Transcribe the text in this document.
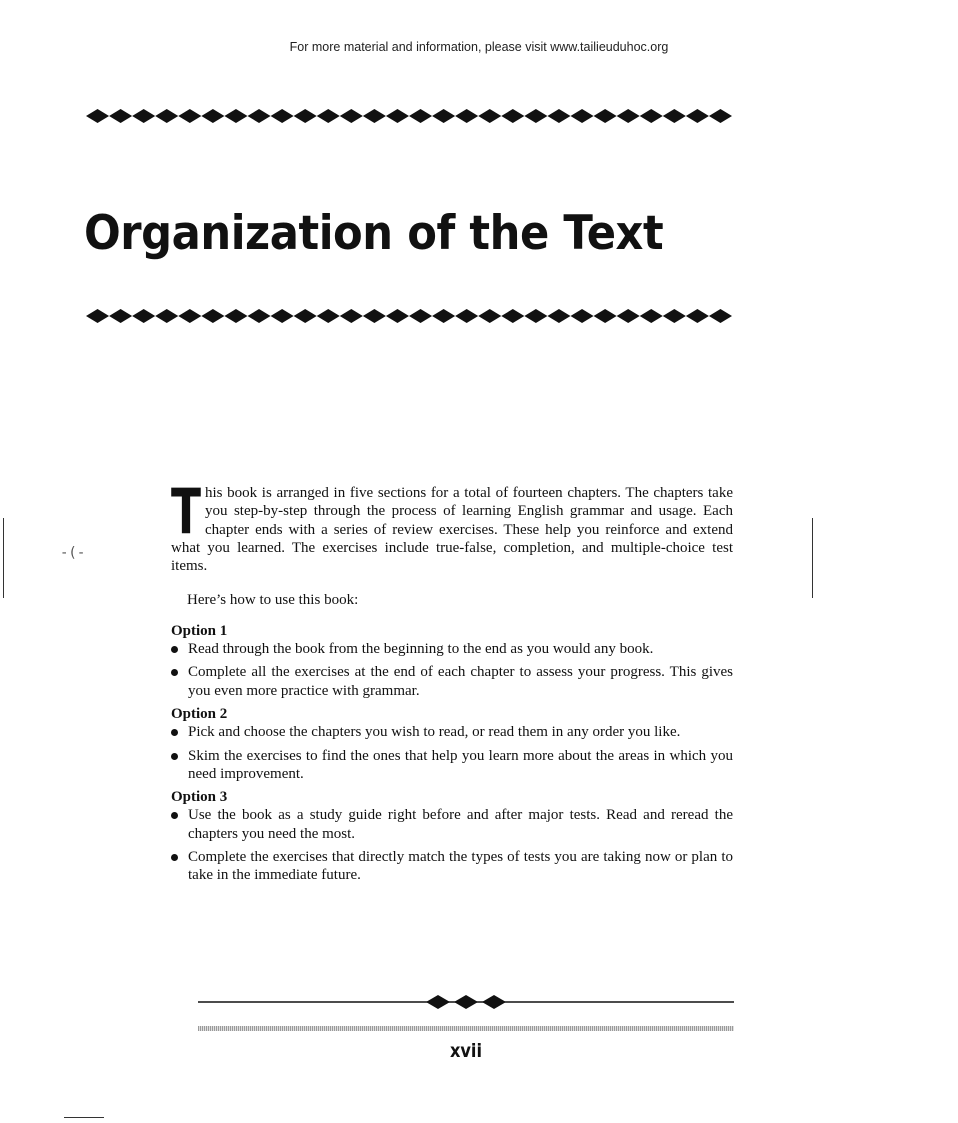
For more material and information, please visit www.tailieuduhoc.org
Organization of the Text
-(-

T his book is arranged in five sections for a total of fourteen chapters. The chapters take you step-by-step through the process of learning English grammar and usage. Each chapter ends with a series of review exercises. These help you reinforce and extend what you learned. The exercises include true-false, completion, and multiple-choice test items.

Here’s how to use this book:

Option 1
Read through the book from the beginning to the end as you would any book.
Complete all the exercises at the end of each chapter to assess your progress. This gives you even more practice with grammar.
Option 2
Pick and choose the chapters you wish to read, or read them in any order you like.
Skim the exercises to find the ones that help you learn more about the areas in which you need improvement.
Option 3
Use the book as a study guide right before and after major tests. Read and reread the chapters you need the most.
Complete the exercises that directly match the types of tests you are taking now or plan to take in the immediate future.
xvii
